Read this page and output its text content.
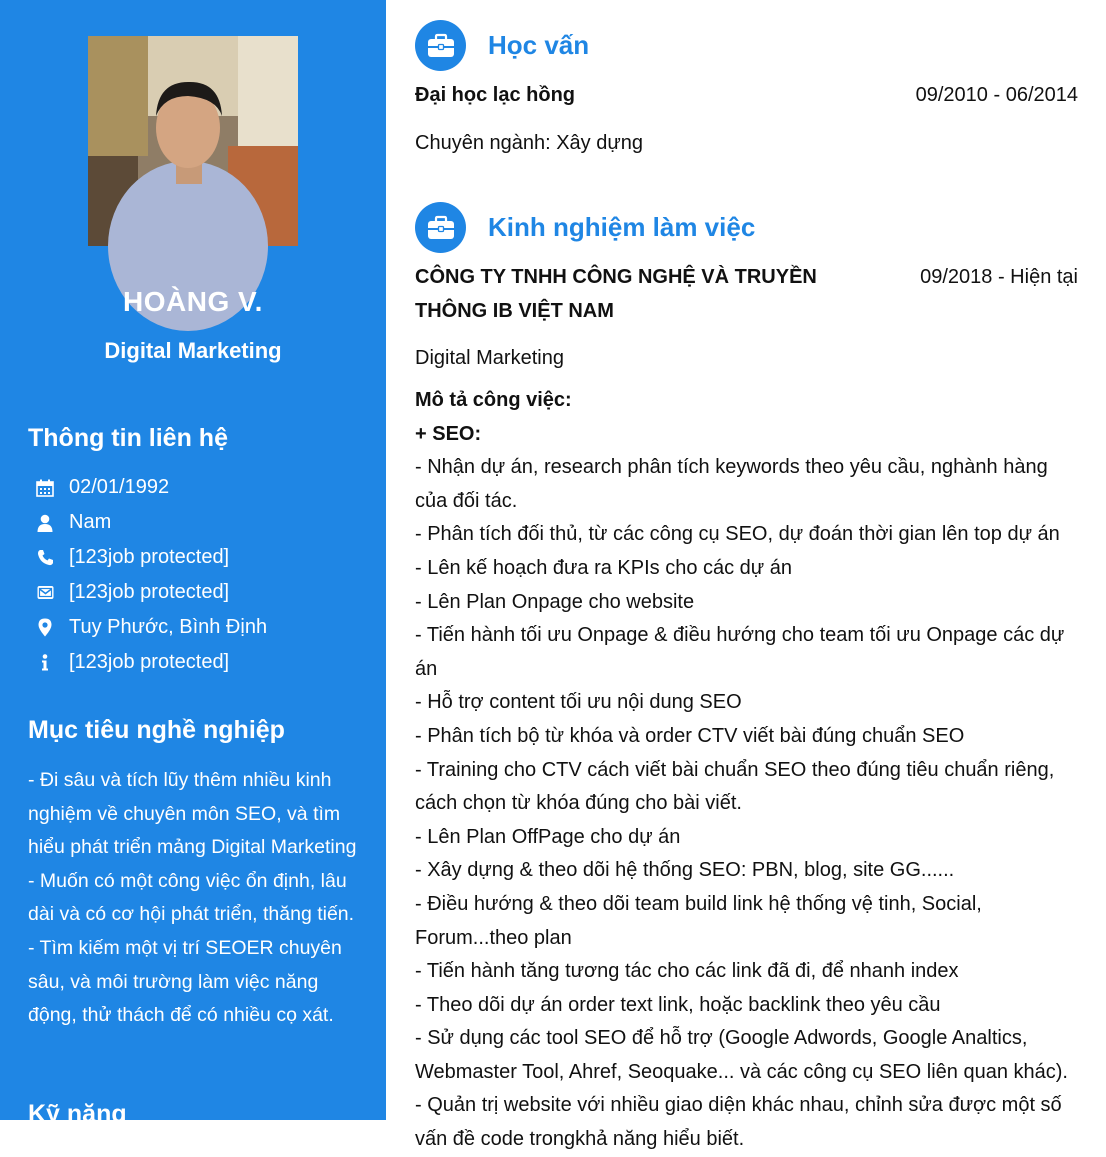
HOÀNG V.
Digital Marketing
Thông tin liên hệ
02/01/1992
Nam
[123job protected]
[123job protected]
Tuy Phước, Bình Định
[123job protected]
Mục tiêu nghề nghiệp

- Đi sâu và tích lũy thêm nhiều kinh nghiệm về chuyên môn SEO, và tìm hiểu phát triển mảng Digital Marketing

- Muốn có một công việc ổn định, lâu dài và có cơ hội phát triển, thăng tiến.

- Tìm kiếm một vị trí SEOER chuyên sâu, và môi trường làm việc năng động, thử thách để có nhiều cọ xát.

Kỹ năng
Học vấn
Đại học lạc hồng	09/2010 - 06/2014
Chuyên ngành: Xây dựng
Kinh nghiệm làm việc
CÔNG TY TNHH CÔNG NGHỆ VÀ TRUYỀN
THÔNG IB VIỆT NAM
09/2018 - Hiện tại
Digital Marketing

Mô tả công việc:

+ SEO:

- Nhận dự án, research phân tích keywords theo yêu cầu, nghành hàng của đối tác.

- Phân tích đối thủ, từ các công cụ SEO, dự đoán thời gian lên top dự án

- Lên kế hoạch đưa ra KPIs cho các dự án

- Lên Plan Onpage cho website

- Tiến hành tối ưu Onpage & điều hướng cho team tối ưu Onpage các dự án

- Hỗ trợ content tối ưu nội dung SEO

- Phân tích bộ từ khóa và order CTV viết bài đúng chuẩn SEO

- Training cho CTV cách viết bài chuẩn SEO theo đúng tiêu chuẩn riêng, cách chọn từ khóa đúng cho bài viết.

- Lên Plan OffPage cho dự án

- Xây dựng & theo dõi hệ thống SEO: PBN, blog, site GG......

- Điều hướng & theo dõi team build link hệ thống vệ tinh, Social, Forum...theo plan

- Tiến hành tăng tương tác cho các link đã đi, để nhanh index

- Theo dõi dự án order text link, hoặc backlink theo yêu cầu

- Sử dụng các tool SEO để hỗ trợ (Google Adwords, Google Analtics, Webmaster Tool, Ahref, Seoquake... và các công cụ SEO liên quan khác).

- Quản trị website với nhiều giao diện khác nhau, chỉnh sửa được một số vấn đề code trongkhả năng hiểu biết.
